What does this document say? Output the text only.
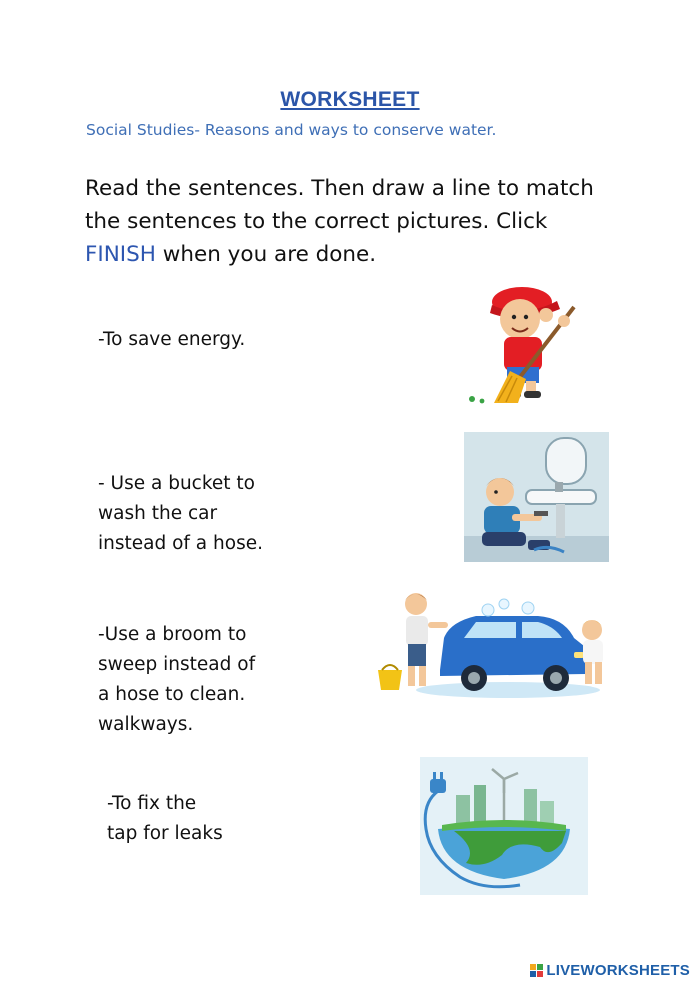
WORKSHEET
Social Studies- Reasons and ways to conserve water.
Read the sentences. Then draw a line to match
the sentences to the correct pictures. Click
FINISH when you are done.
-To save energy.
- Use a bucket to
wash the car
instead of a hose.
-Use a broom to
sweep instead of
a hose to clean.
walkways.
-To fix the
tap for leaks
LIVEWORKSHEETS
